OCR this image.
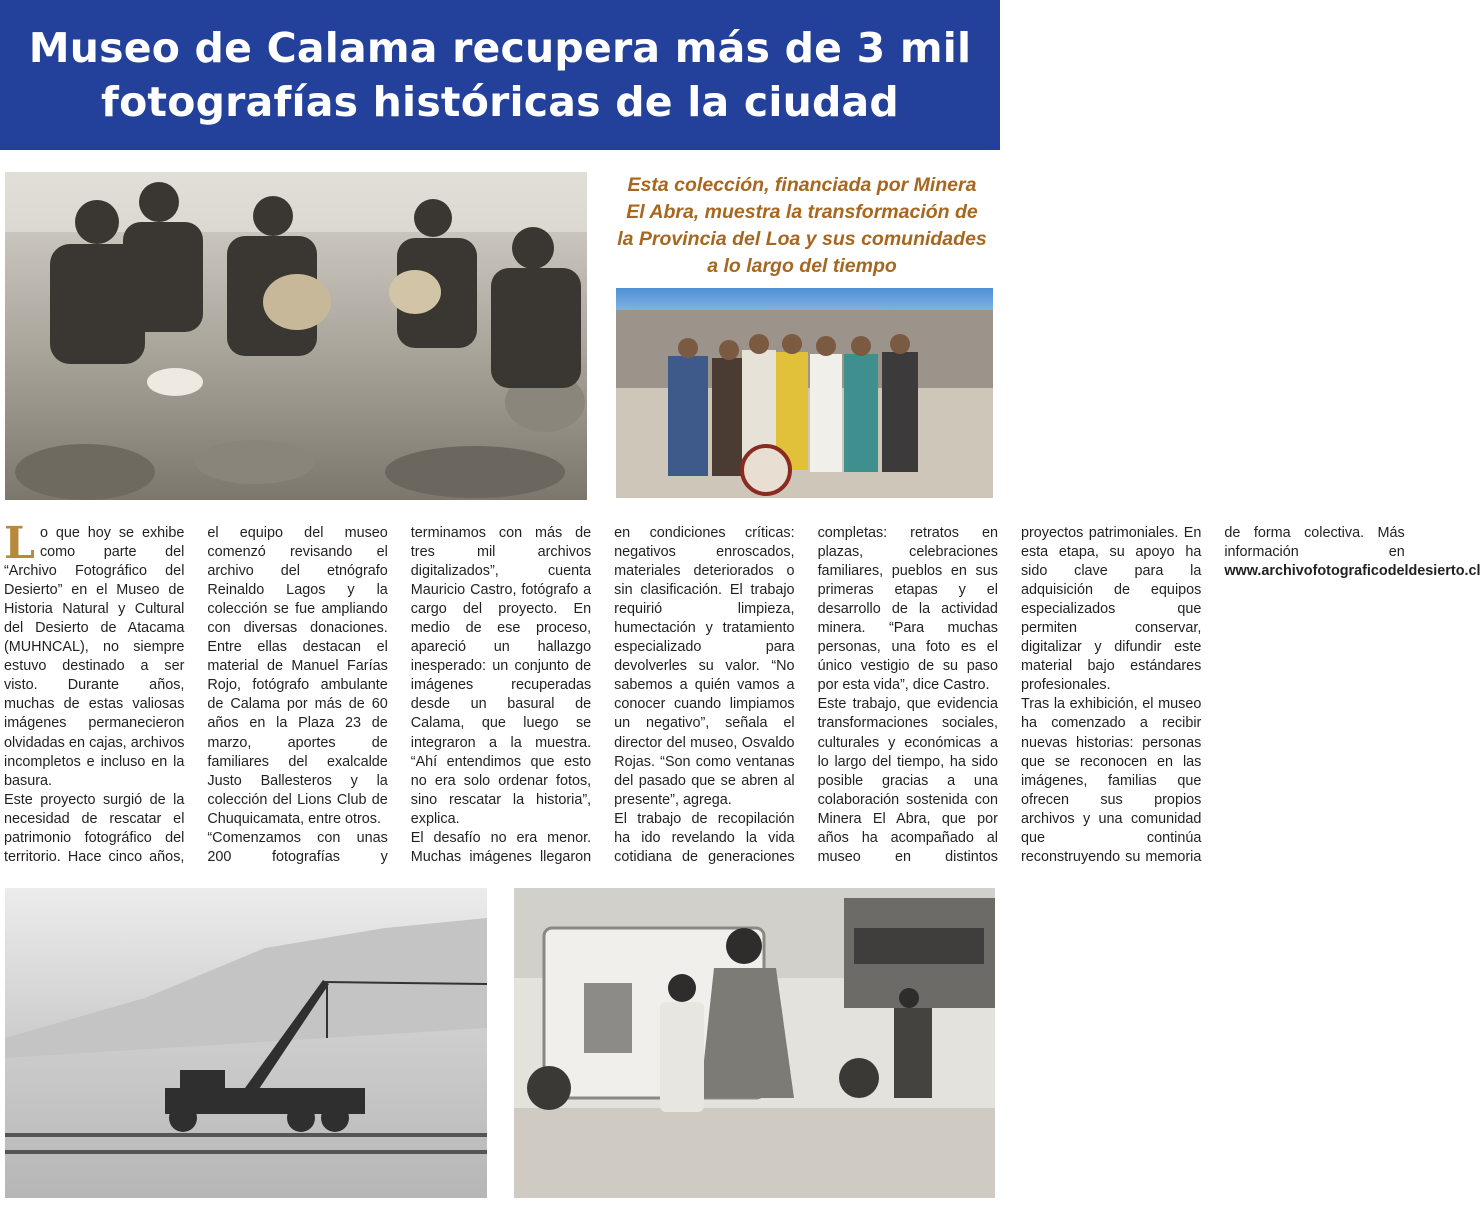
Museo de Calama recupera más de 3 mil
fotografías históricas de la ciudad
Esta colección, financiada por Minera
El Abra, muestra la transformación de
la Provincia del Loa y sus comunidades
a lo largo del tiempo

Lo que hoy se exhibe como parte del “Archivo Fotográfico del Desierto” en el Museo de Historia Natural y Cultural del Desierto de Atacama (MUHNCAL), no siempre estuvo destinado a ser visto. Durante años, muchas de estas valiosas imágenes permanecieron olvidadas en cajas, archivos incompletos e incluso en la basura.

Este proyecto surgió de la necesidad de rescatar el patrimonio fotográfico del territorio. Hace cinco años, el equipo del museo comenzó revisando el archivo del etnógrafo Reinaldo Lagos y la colección se fue ampliando con diversas donaciones. Entre ellas destacan el material de Manuel Farías Rojo, fotógrafo ambulante de Calama por más de 60 años en la Plaza 23 de marzo, aportes de familiares del exalcalde Justo Ballesteros y la colección del Lions Club de Chuquicamata, entre otros.

“Comenzamos con unas 200 fotografías y terminamos con más de tres mil archivos digitalizados”, cuenta Mauricio Castro, fotógrafo a cargo del proyecto. En medio de ese proceso, apareció un hallazgo inesperado: un conjunto de imágenes recuperadas desde un basural de Calama, que luego se integraron a la muestra. “Ahí entendimos que esto no era solo ordenar fotos, sino rescatar la historia”, explica.

El desafío no era menor. Muchas imágenes llegaron en condiciones críticas: negativos enroscados, materiales deteriorados o sin clasificación. El trabajo requirió limpieza, humectación y tratamiento especializado para devolverles su valor. “No sabemos a quién vamos a conocer cuando limpiamos un negativo”, señala el director del museo, Osvaldo Rojas. “Son como ventanas del pasado que se abren al presente”, agrega.

El trabajo de recopilación ha ido revelando la vida cotidiana de generaciones completas: retratos en plazas, celebraciones familiares, pueblos en sus primeras etapas y el desarrollo de la actividad minera. “Para muchas personas, una foto es el único vestigio de su paso por esta vida”, dice Castro.

Este trabajo, que evidencia transformaciones sociales, culturales y económicas a lo largo del tiempo, ha sido posible gracias a una colaboración sostenida con Minera El Abra, que por años ha acompañado al museo en distintos proyectos patrimoniales. En esta etapa, su apoyo ha sido clave para la adquisición de equipos especializados que permiten conservar, digitalizar y difundir este material bajo estándares profesionales.

Tras la exhibición, el museo ha comenzado a recibir nuevas historias: personas que se reconocen en las imágenes, familias que ofrecen sus propios archivos y una comunidad que continúa reconstruyendo su memoria de forma colectiva. Más información en www.archivofotograficodeldesierto.cl
